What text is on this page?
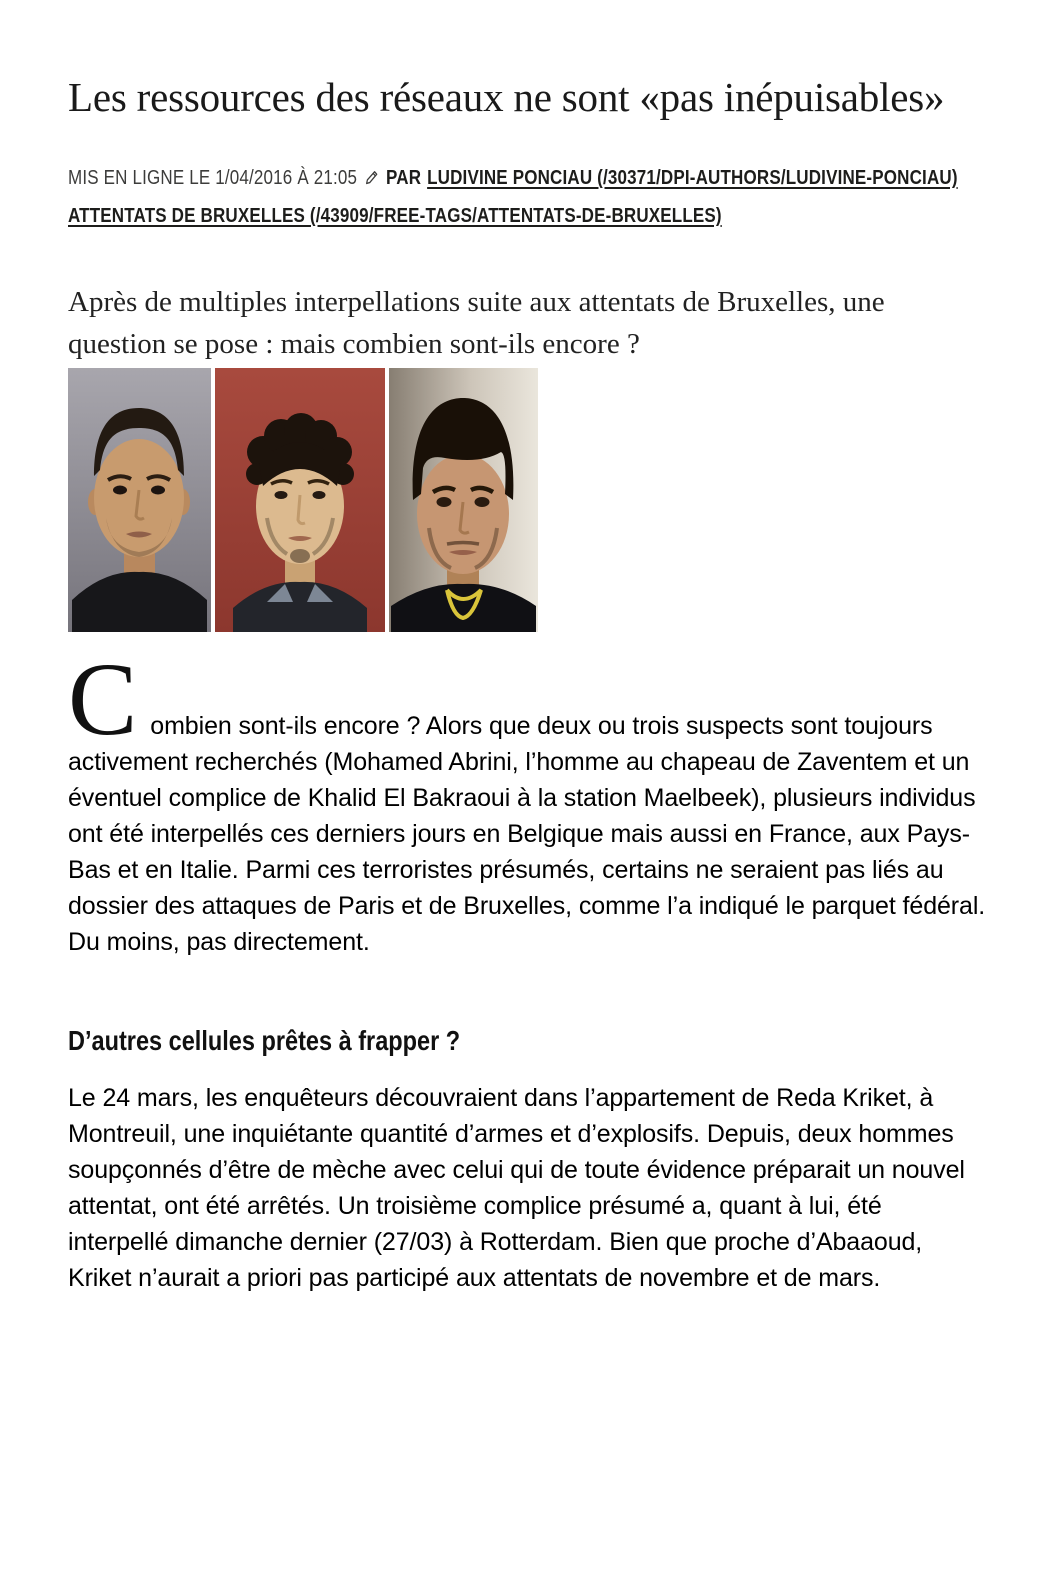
Les ressources des réseaux ne sont «pas inépuisables»
MIS EN LIGNE LE 1/04/2016 À 21:05 PAR LUDIVINE PONCIAU (/30371/DPI-AUTHORS/LUDIVINE-PONCIAU)
ATTENTATS DE BRUXELLES (/43909/FREE-TAGS/ATTENTATS-DE-BRUXELLES)

Après de multiples interpellations suite aux attentats de Bruxelles, une question se pose : mais combien sont-ils encore ?

Combien sont-ils encore ? Alors que deux ou trois suspects sont toujours activement recherchés (Mohamed Abrini, l’homme au chapeau de Zaventem et un éventuel complice de Khalid El Bakraoui à la station Maelbeek), plusieurs individus ont été interpellés ces derniers jours en Belgique mais aussi en France, aux Pays-Bas et en Italie. Parmi ces terroristes présumés, certains ne seraient pas liés au dossier des attaques de Paris et de Bruxelles, comme l’a indiqué le parquet fédéral. Du moins, pas directement.

D’autres cellules prêtes à frapper ?

Le 24 mars, les enquêteurs découvraient dans l’appartement de Reda Kriket, à Montreuil, une inquiétante quantité d’armes et d’explosifs. Depuis, deux hommes soupçonnés d’être de mèche avec celui qui de toute évidence préparait un nouvel attentat, ont été arrêtés. Un troisième complice présumé a, quant à lui, été interpellé dimanche dernier (27/03) à Rotterdam. Bien que proche d’Abaaoud, Kriket n’aurait a priori pas participé aux attentats de novembre et de mars.
